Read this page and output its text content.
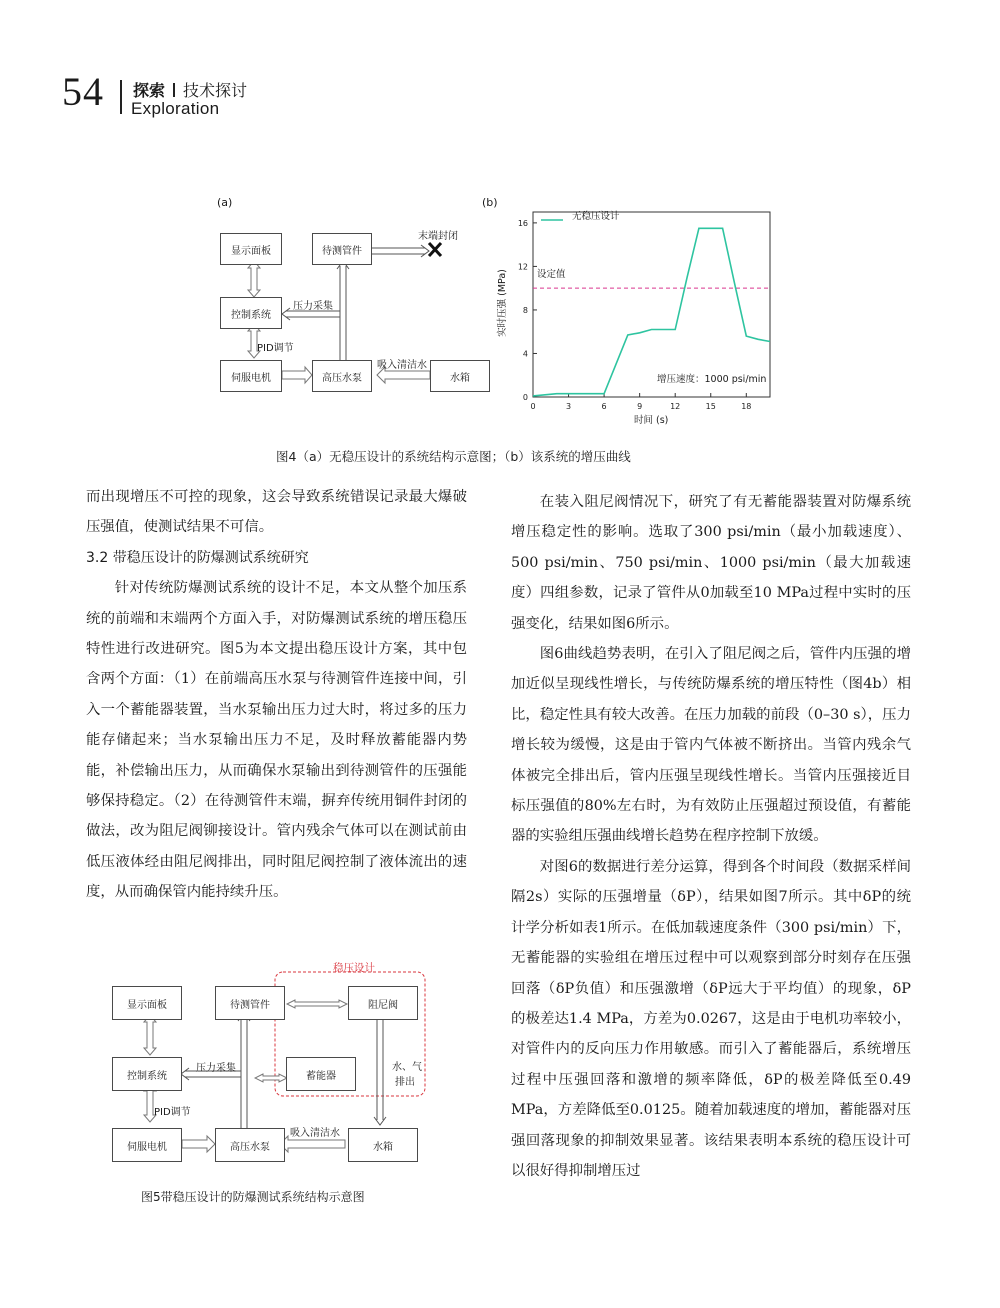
54 探索 技术探讨
Exploration
(a)
显示面板	待测管件
控制系统
伺服电机	高压水泵	水箱
末端封闭
压力采集
PID调节
吸入清洁水
(b)
0	3	6	9	12	15	18
0
4
8
12
16
无稳压设计
设定值
增压速度：1000 psi/min
时间 (s)
实时压强 (MPa)
图4（a）无稳压设计的系统结构示意图；（b）该系统的增压曲线

而出现增压不可控的现象，这会导致系统错误记录最大爆破压强值，使测试结果不可信。

3.2 带稳压设计的防爆测试系统研究

针对传统防爆测试系统的设计不足，本文从整个加压系统的前端和末端两个方面入手，对防爆测试系统的增压稳压特性进行改进研究。图5为本文提出稳压设计方案，其中包含两个方面：（1）在前端高压水泵与待测管件连接中间，引入一个蓄能器装置，当水泵输出压力过大时，将过多的压力能存储起来；当水泵输出压力不足，及时释放蓄能器内势能，补偿输出压力，从而确保水泵输出到待测管件的压强能够保持稳定。（2）在待测管件末端，摒弃传统用铜件封闭的做法，改为阻尼阀铆接设计。管内残余气体可以在测试前由低压液体经由阻尼阀排出，同时阻尼阀控制了液体流出的速度，从而确保管内能持续升压。

在装入阻尼阀情况下，研究了有无蓄能器装置对防爆系统增压稳定性的影响。选取了300 psi/min（最小加载速度）、500 psi/min、750 psi/min、1000 psi/min（最大加载速度）四组参数，记录了管件从0加载至10 MPa过程中实时的压强变化，结果如图6所示。

图6曲线趋势表明，在引入了阻尼阀之后，管件内压强的增加近似呈现线性增长，与传统防爆系统的增压特性（图4b）相比，稳定性具有较大改善。在压力加载的前段（0–30 s），压力增长较为缓慢，这是由于管内气体被不断挤出。当管内残余气体被完全排出后，管内压强呈现线性增长。当管内压强接近目标压强值的80%左右时，为有效防止压强超过预设值，有蓄能器的实验组压强曲线增长趋势在程序控制下放缓。

对图6的数据进行差分运算，得到各个时间段（数据采样间隔2s）实际的压强增量（δP），结果如图7所示。其中δP的统计学分析如表1所示。在低加载速度条件（300 psi/min）下，无蓄能器的实验组在增压过程中可以观察到部分时刻存在压强回落（δP负值）和压强激增（δP远大于平均值）的现象，δP的极差达1.4 MPa，方差为0.0267，这是由于电机功率较小，对管件内的反向压力作用敏感。而引入了蓄能器后，系统增压过程中压强回落和激增的频率降低，δP的极差降低至0.49 MPa，方差降低至0.0125。随着加载速度的增加，蓄能器对压强回落现象的抑制效果显著。该结果表明本系统的稳压设计可以很好得抑制增压过

稳压设计
显示面板	待测管件	阻尼阀
控制系统	蓄能器
伺服电机	高压水泵	水箱
压力采集
PID调节
吸入清洁水
水、气
排出
图5带稳压设计的防爆测试系统结构示意图
